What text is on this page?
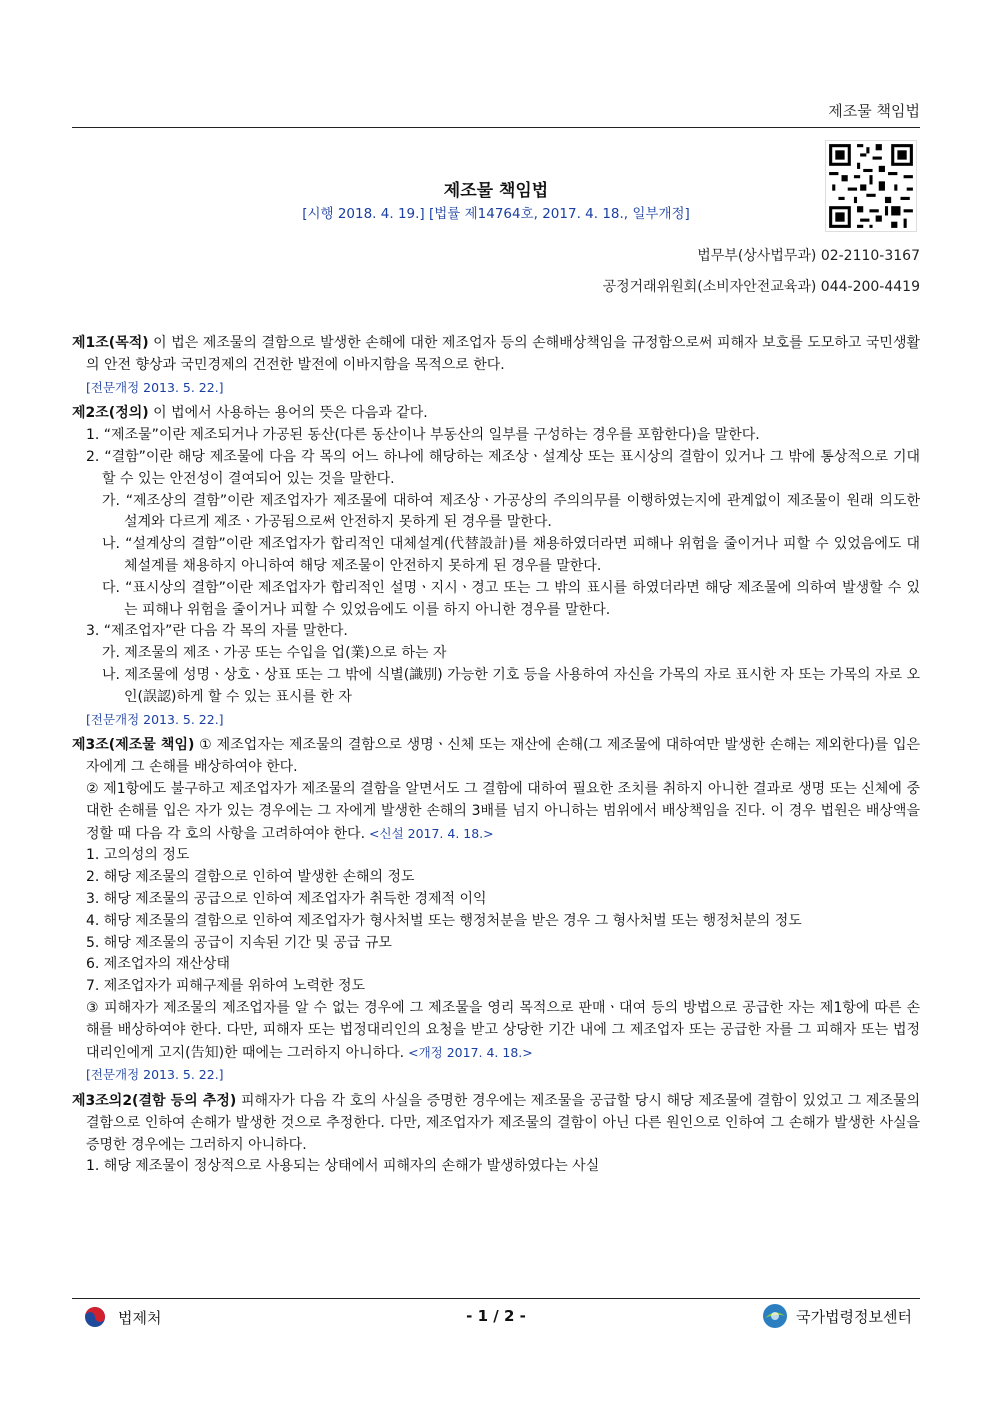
제조물 책임법
제조물 책임법
[시행 2018. 4. 19.] [법률 제14764호, 2017. 4. 18., 일부개정]
법무부(상사법무과) 02-2110-3167
공정거래위원회(소비자안전교육과) 044-200-4419
제1조(목적) 이 법은 제조물의 결함으로 발생한 손해에 대한 제조업자 등의 손해배상책임을 규정함으로써 피해자 보호를 도모하고 국민생활의 안전 향상과 국민경제의 건전한 발전에 이바지함을 목적으로 한다.
[전문개정 2013. 5. 22.]
제2조(정의) 이 법에서 사용하는 용어의 뜻은 다음과 같다.
1. “제조물”이란 제조되거나 가공된 동산(다른 동산이나 부동산의 일부를 구성하는 경우를 포함한다)을 말한다.
2. “결함”이란 해당 제조물에 다음 각 목의 어느 하나에 해당하는 제조상ㆍ설계상 또는 표시상의 결함이 있거나 그 밖에 통상적으로 기대할 수 있는 안전성이 결여되어 있는 것을 말한다.
가. “제조상의 결함”이란 제조업자가 제조물에 대하여 제조상ㆍ가공상의 주의의무를 이행하였는지에 관계없이 제조물이 원래 의도한 설계와 다르게 제조ㆍ가공됨으로써 안전하지 못하게 된 경우를 말한다.
나. “설계상의 결함”이란 제조업자가 합리적인 대체설계(代替設計)를 채용하였더라면 피해나 위험을 줄이거나 피할 수 있었음에도 대체설계를 채용하지 아니하여 해당 제조물이 안전하지 못하게 된 경우를 말한다.
다. “표시상의 결함”이란 제조업자가 합리적인 설명ㆍ지시ㆍ경고 또는 그 밖의 표시를 하였더라면 해당 제조물에 의하여 발생할 수 있는 피해나 위험을 줄이거나 피할 수 있었음에도 이를 하지 아니한 경우를 말한다.
3. “제조업자”란 다음 각 목의 자를 말한다.
가. 제조물의 제조ㆍ가공 또는 수입을 업(業)으로 하는 자
나. 제조물에 성명ㆍ상호ㆍ상표 또는 그 밖에 식별(識別) 가능한 기호 등을 사용하여 자신을 가목의 자로 표시한 자 또는 가목의 자로 오인(誤認)하게 할 수 있는 표시를 한 자
[전문개정 2013. 5. 22.]
제3조(제조물 책임) ① 제조업자는 제조물의 결함으로 생명ㆍ신체 또는 재산에 손해(그 제조물에 대하여만 발생한 손해는 제외한다)를 입은 자에게 그 손해를 배상하여야 한다.
② 제1항에도 불구하고 제조업자가 제조물의 결함을 알면서도 그 결함에 대하여 필요한 조치를 취하지 아니한 결과로 생명 또는 신체에 중대한 손해를 입은 자가 있는 경우에는 그 자에게 발생한 손해의 3배를 넘지 아니하는 범위에서 배상책임을 진다. 이 경우 법원은 배상액을 정할 때 다음 각 호의 사항을 고려하여야 한다. <신설 2017. 4. 18.>
1. 고의성의 정도
2. 해당 제조물의 결함으로 인하여 발생한 손해의 정도
3. 해당 제조물의 공급으로 인하여 제조업자가 취득한 경제적 이익
4. 해당 제조물의 결함으로 인하여 제조업자가 형사처벌 또는 행정처분을 받은 경우 그 형사처벌 또는 행정처분의 정도
5. 해당 제조물의 공급이 지속된 기간 및 공급 규모
6. 제조업자의 재산상태
7. 제조업자가 피해구제를 위하여 노력한 정도
③ 피해자가 제조물의 제조업자를 알 수 없는 경우에 그 제조물을 영리 목적으로 판매ㆍ대여 등의 방법으로 공급한 자는 제1항에 따른 손해를 배상하여야 한다. 다만, 피해자 또는 법정대리인의 요청을 받고 상당한 기간 내에 그 제조업자 또는 공급한 자를 그 피해자 또는 법정대리인에게 고지(告知)한 때에는 그러하지 아니하다. <개정 2017. 4. 18.>
[전문개정 2013. 5. 22.]
제3조의2(결함 등의 추정) 피해자가 다음 각 호의 사실을 증명한 경우에는 제조물을 공급할 당시 해당 제조물에 결함이 있었고 그 제조물의 결함으로 인하여 손해가 발생한 것으로 추정한다. 다만, 제조업자가 제조물의 결함이 아닌 다른 원인으로 인하여 그 손해가 발생한 사실을 증명한 경우에는 그러하지 아니하다.
1. 해당 제조물이 정상적으로 사용되는 상태에서 피해자의 손해가 발생하였다는 사실
법제처	- 1 / 2 -	국가법령정보센터
